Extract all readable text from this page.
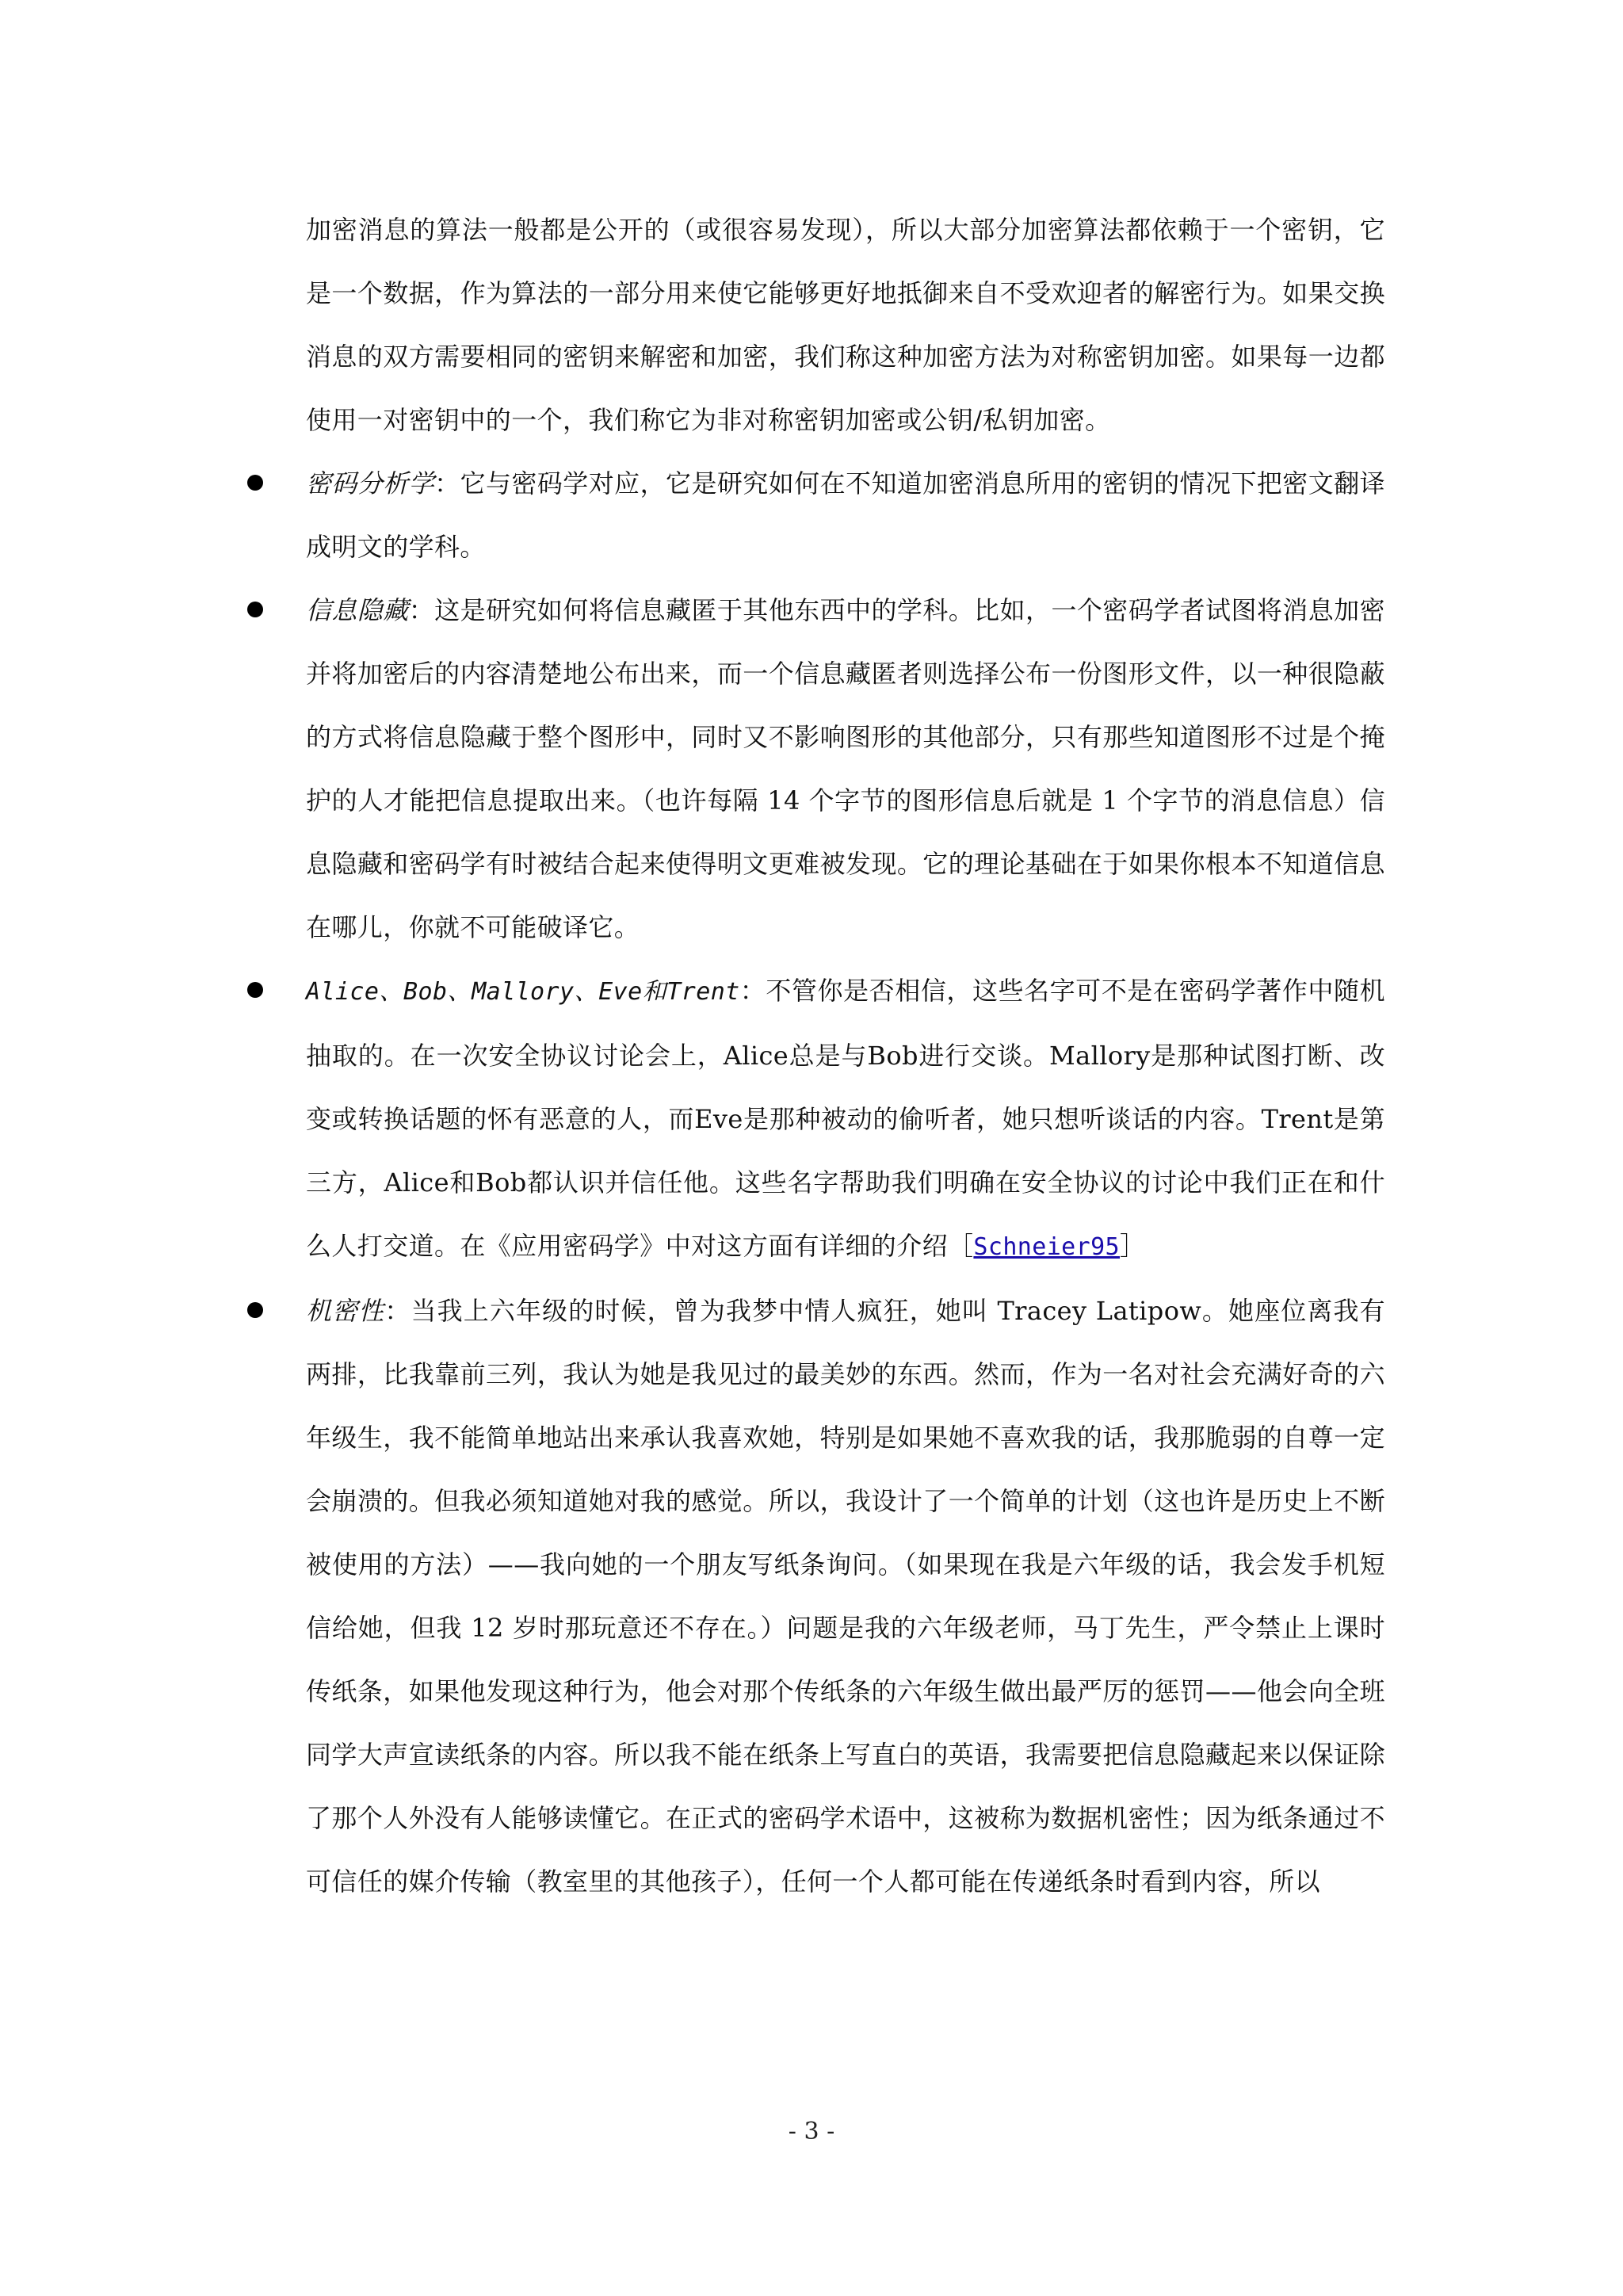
加密消息的算法一般都是公开的（或很容易发现），所以大部分加密算法都依赖于一个密钥，它是一个数据，作为算法的一部分用来使它能够更好地抵御来自不受欢迎者的解密行为。如果交换消息的双方需要相同的密钥来解密和加密，我们称这种加密方法为对称密钥加密。如果每一边都使用一对密钥中的一个，我们称它为非对称密钥加密或公钥/私钥加密。
密码分析学：它与密码学对应，它是研究如何在不知道加密消息所用的密钥的情况下把密文翻译成明文的学科。
信息隐藏：这是研究如何将信息藏匿于其他东西中的学科。比如，一个密码学者试图将消息加密并将加密后的内容清楚地公布出来，而一个信息藏匿者则选择公布一份图形文件，以一种很隐蔽的方式将信息隐藏于整个图形中，同时又不影响图形的其他部分，只有那些知道图形不过是个掩护的人才能把信息提取出来。（也许每隔 14 个字节的图形信息后就是 1 个字节的消息信息）信息隐藏和密码学有时被结合起来使得明文更难被发现。它的理论基础在于如果你根本不知道信息在哪儿，你就不可能破译它。
Alice、Bob、Mallory、Eve和Trent：不管你是否相信，这些名字可不是在密码学著作中随机抽取的。在一次安全协议讨论会上，Alice总是与Bob进行交谈。Mallory是那种试图打断、改变或转换话题的怀有恶意的人，而Eve是那种被动的偷听者，她只想听谈话的内容。Trent是第三方，Alice和Bob都认识并信任他。这些名字帮助我们明确在安全协议的讨论中我们正在和什么人打交道。在《应用密码学》中对这方面有详细的介绍［Schneier95］
机密性：当我上六年级的时候，曾为我梦中情人疯狂，她叫 Tracey Latipow。她座位离我有两排，比我靠前三列，我认为她是我见过的最美妙的东西。然而，作为一名对社会充满好奇的六年级生，我不能简单地站出来承认我喜欢她，特别是如果她不喜欢我的话，我那脆弱的自尊一定会崩溃的。但我必须知道她对我的感觉。所以，我设计了一个简单的计划（这也许是历史上不断被使用的方法）——我向她的一个朋友写纸条询问。（如果现在我是六年级的话，我会发手机短信给她，但我 12 岁时那玩意还不存在。）问题是我的六年级老师，马丁先生，严令禁止上课时传纸条，如果他发现这种行为，他会对那个传纸条的六年级生做出最严厉的惩罚——他会向全班同学大声宣读纸条的内容。所以我不能在纸条上写直白的英语，我需要把信息隐藏起来以保证除了那个人外没有人能够读懂它。在正式的密码学术语中，这被称为数据机密性；因为纸条通过不可信任的媒介传输（教室里的其他孩子），任何一个人都可能在传递纸条时看到内容，所以
- 3 -
